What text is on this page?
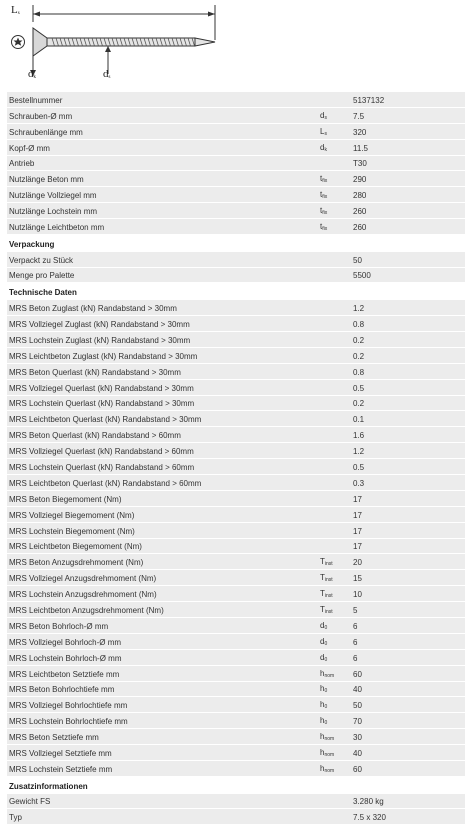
$L_s$
$d_k$	$d_s$
Bestellnummer	5137132
Schrauben-Ø mm	$d_s$	7.5
Schraubenlänge mm	$L_s$	320
Kopf-Ø mm	$d_k$	11.5
Antrieb	T30
Nutzlänge Beton mm	$t_{fix}$	290
Nutzlänge Vollziegel mm	$t_{fix}$	280
Nutzlänge Lochstein mm	$t_{fix}$	260
Nutzlänge Leichtbeton mm	$t_{fix}$	260
Verpackung
Verpackt zu Stück	50
Menge pro Palette	5500
Technische Daten
MRS Beton Zuglast (kN) Randabstand > 30mm	1.2
MRS Vollziegel Zuglast (kN) Randabstand > 30mm	0.8
MRS Lochstein Zuglast (kN) Randabstand > 30mm	0.2
MRS Leichtbeton Zuglast (kN) Randabstand > 30mm	0.2
MRS Beton Querlast (kN) Randabstand > 30mm	0.8
MRS Vollziegel Querlast (kN) Randabstand > 30mm	0.5
MRS Lochstein Querlast (kN) Randabstand > 30mm	0.2
MRS Leichtbeton Querlast (kN) Randabstand > 30mm	0.1
MRS Beton Querlast (kN) Randabstand > 60mm	1.6
MRS Vollziegel Querlast (kN) Randabstand > 60mm	1.2
MRS Lochstein Querlast (kN) Randabstand > 60mm	0.5
MRS Leichtbeton Querlast (kN) Randabstand > 60mm	0.3
MRS Beton Biegemoment (Nm)	17
MRS Vollziegel Biegemoment (Nm)	17
MRS Lochstein Biegemoment (Nm)	17
MRS Leichtbeton Biegemoment (Nm)	17
MRS Beton Anzugsdrehmoment (Nm)	$T_{inst}$	20
MRS Vollziegel Anzugsdrehmoment (Nm)	$T_{inst}$	15
MRS Lochstein Anzugsdrehmoment (Nm)	$T_{inst}$	10
MRS Leichtbeton Anzugsdrehmoment (Nm)	$T_{inst}$	5
MRS Beton Bohrloch-Ø mm	$d_0$	6
MRS Vollziegel Bohrloch-Ø mm	$d_0$	6
MRS Lochstein Bohrloch-Ø mm	$d_0$	6
MRS Leichtbeton Setztiefe mm	$h_{nom}$ 60
MRS Beton Bohrlochtiefe mm	$h_0$	40
MRS Vollziegel Bohrlochtiefe mm	$h_0$	50
MRS Lochstein Bohrlochtiefe mm	$h_0$	70
MRS Beton Setztiefe mm	$h_{nom}$ 30
MRS Vollziegel Setztiefe mm	$h_{nom}$ 40
MRS Lochstein Setztiefe mm	$h_{nom}$ 60
Zusatzinformationen
Gewicht FS	3.280 kg
Typ	7.5 x 320
